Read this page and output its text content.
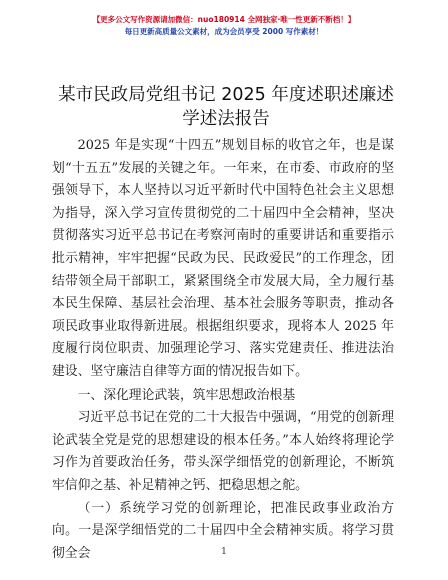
【更多公文写作资源请加微信：nuo180914 全网独家·唯一性更新不断档！】
每日更新高质量公文素材，成为会员享受 2000 写作素材！
某市民政局党组书记 2025 年度述职述廉述学述法报告

2025 年是实现“十四五”规划目标的收官之年，也是谋划“十五五”发展的关键之年。一年来，在市委、市政府的坚强领导下，本人坚持以习近平新时代中国特色社会主义思想为指导，深入学习宣传贯彻党的二十届四中全会精神，坚决贯彻落实习近平总书记在考察河南时的重要讲话和重要指示批示精神，牢牢把握“民政为民、民政爱民”的工作理念，团结带领全局干部职工，紧紧围绕全市发展大局，全力履行基本民生保障、基层社会治理、基本社会服务等职责，推动各项民政事业取得新进展。根据组织要求，现将本人 2025 年度履行岗位职责、加强理论学习、落实党建责任、推进法治建设、坚守廉洁自律等方面的情况报告如下。

一、深化理论武装，筑牢思想政治根基

习近平总书记在党的二十大报告中强调，“用党的创新理论武装全党是党的思想建设的根本任务。”本人始终将理论学习作为首要政治任务，带头深学细悟党的创新理论，不断筑牢信仰之基、补足精神之钙、把稳思想之舵。

（一）系统学习党的创新理论，把准民政事业政治方向。一是深学细悟党的二十届四中全会精神实质。将学习贯彻全会	1
